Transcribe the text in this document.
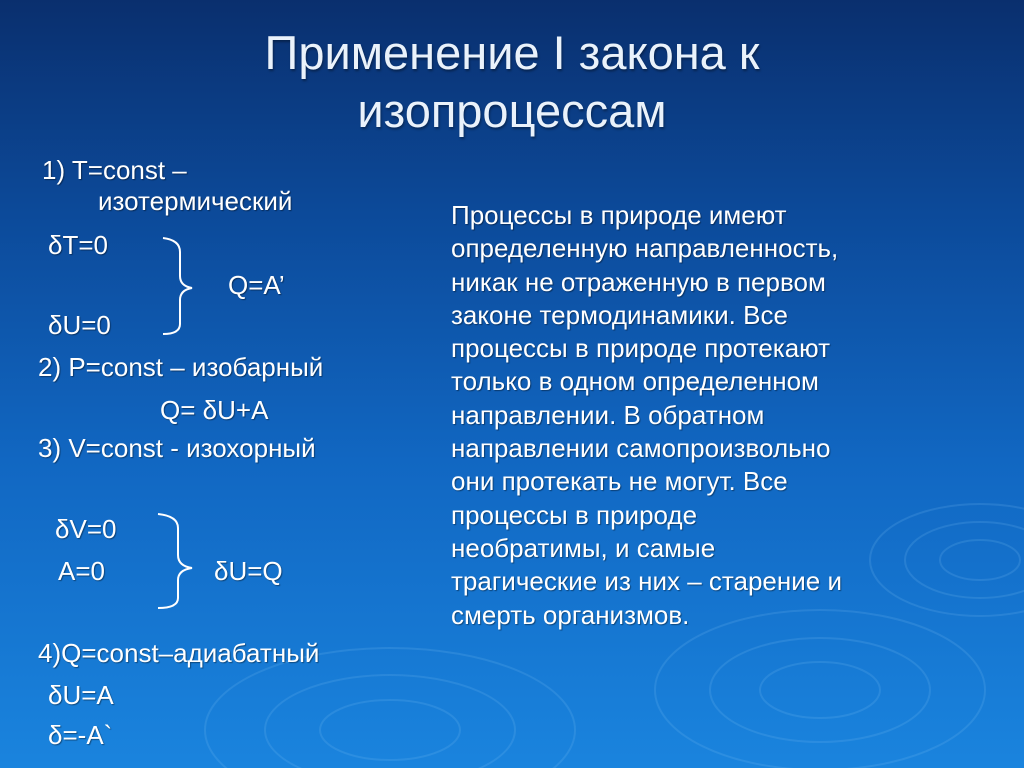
Применение I закона к
изопроцессам
1) T=const –
изотермический
δT=0
Q=A’
δU=0
2) P=const – изобарный
Q= δU+A
3) V=const - изохорный
δV=0
A=0	δU=Q
4)Q=const–адиабатный
δU=A
δ=-A`
Процессы в природе имеют
определенную направленность,
никак не отраженную в первом
законе термодинамики. Все
процессы в природе протекают
только в одном определенном
направлении. В обратном
направлении самопроизвольно
они протекать не могут. Все
процессы в природе
необратимы, и самые
трагические из них – старение и
смерть организмов.
